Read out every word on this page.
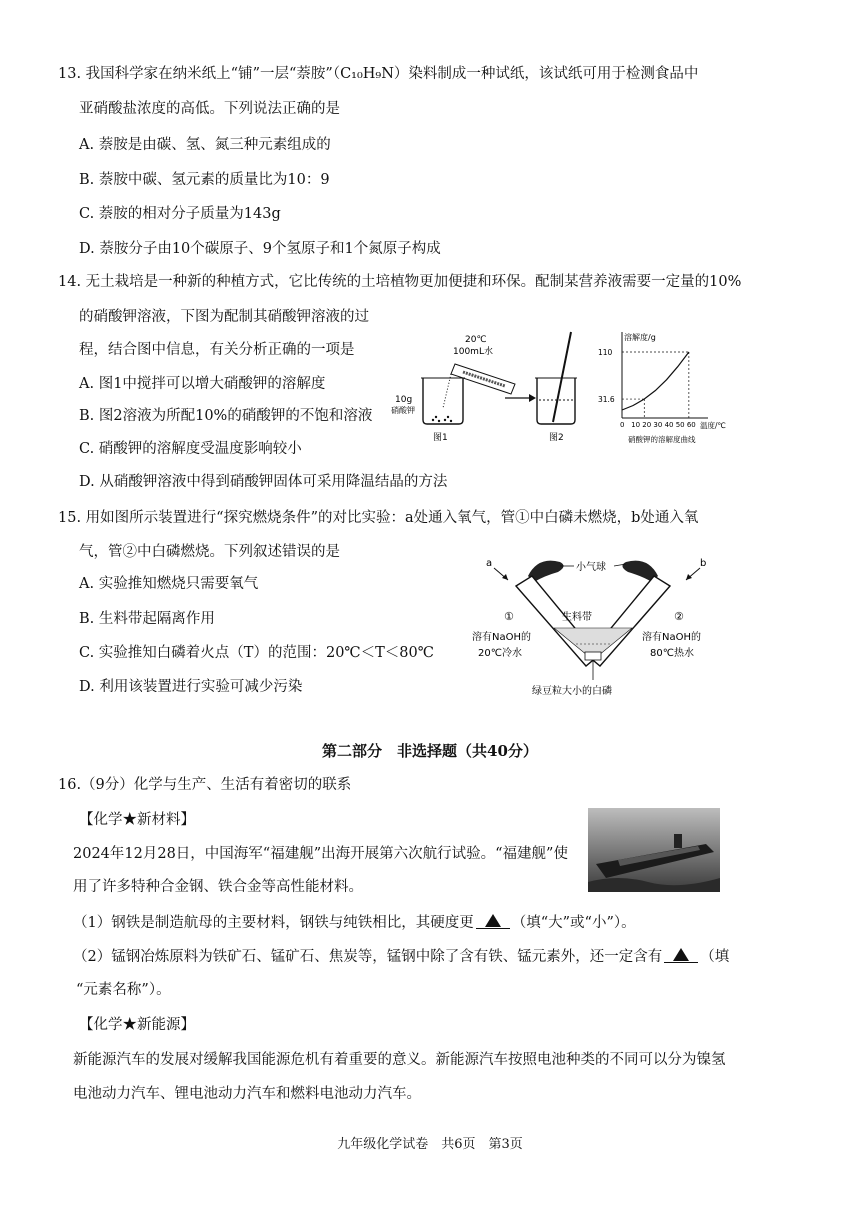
13. 我国科学家在纳米纸上“铺”一层“萘胺”（C₁₀H₉N）染料制成一种试纸，该试纸可用于检测食品中
亚硝酸盐浓度的高低。下列说法正确的是
A. 萘胺是由碳、氢、氮三种元素组成的
B. 萘胺中碳、氢元素的质量比为10：9
C. 萘胺的相对分子质量为143g
D. 萘胺分子由10个碳原子、9个氢原子和1个氮原子构成
14. 无土栽培是一种新的种植方式，它比传统的土培植物更加便捷和环保。配制某营养液需要一定量的10%
的硝酸钾溶液，下图为配制其硝酸钾溶液的过
程，结合图中信息，有关分析正确的一项是
A. 图1中搅拌可以增大硝酸钾的溶解度
B. 图2溶液为所配10%的硝酸钾的不饱和溶液
C. 硝酸钾的溶解度受温度影响较小
D. 从硝酸钾溶液中得到硝酸钾固体可采用降温结晶的方法
20℃
100mL水
10g
硝酸钾
图1	图2
溶解度/g
温度/℃
硝酸钾的溶解度曲线
0 10 20 30 40 50 60
31.6
110
15. 用如图所示装置进行“探究燃烧条件”的对比实验：a处通入氧气，管①中白磷未燃烧，b处通入氧
气，管②中白磷燃烧。下列叙述错误的是
A. 实验推知燃烧只需要氧气
B. 生料带起隔离作用
C. 实验推知白磷着火点（T）的范围：20℃＜T＜80℃
D. 利用该装置进行实验可减少污染
a	b
小气球
生料带
①	②
溶有NaOH的
20℃冷水
溶有NaOH的
80℃热水
绿豆粒大小的白磷
第二部分　非选择题（共40分）
16.（9分）化学与生产、生活有着密切的联系
【化学★新材料】
2024年12月28日，中国海军“福建舰”出海开展第六次航行试验。“福建舰”使
用了许多特种合金钢、铁合金等高性能材料。
（1）钢铁是制造航母的主要材料，钢铁与纯铁相比，其硬度更	（填“大”或“小”）。
（2）锰钢冶炼原料为铁矿石、锰矿石、焦炭等，锰钢中除了含有铁、锰元素外，还一定含有	（填
“元素名称”）。
【化学★新能源】
新能源汽车的发展对缓解我国能源危机有着重要的意义。新能源汽车按照电池种类的不同可以分为镍氢
电池动力汽车、锂电池动力汽车和燃料电池动力汽车。
九年级化学试卷　共6页　第3页
